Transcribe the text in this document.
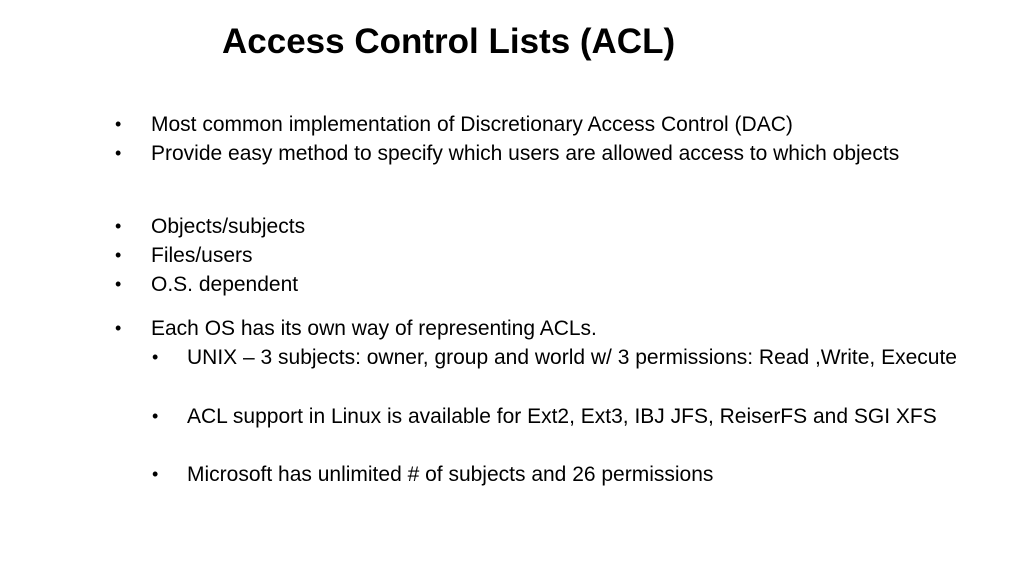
Access Control Lists (ACL)
• Most common implementation of Discretionary Access Control (DAC)
• Provide easy method to specify which users are allowed access to which objects
• Objects/subjects
• Files/users
• O.S. dependent
• Each OS has its own way of representing ACLs.
• UNIX – 3 subjects: owner, group and world w/ 3 permissions: Read ,Write, Execute
• ACL support in Linux is available for Ext2, Ext3, IBJ JFS, ReiserFS and SGI XFS
• Microsoft has unlimited # of subjects and 26 permissions
